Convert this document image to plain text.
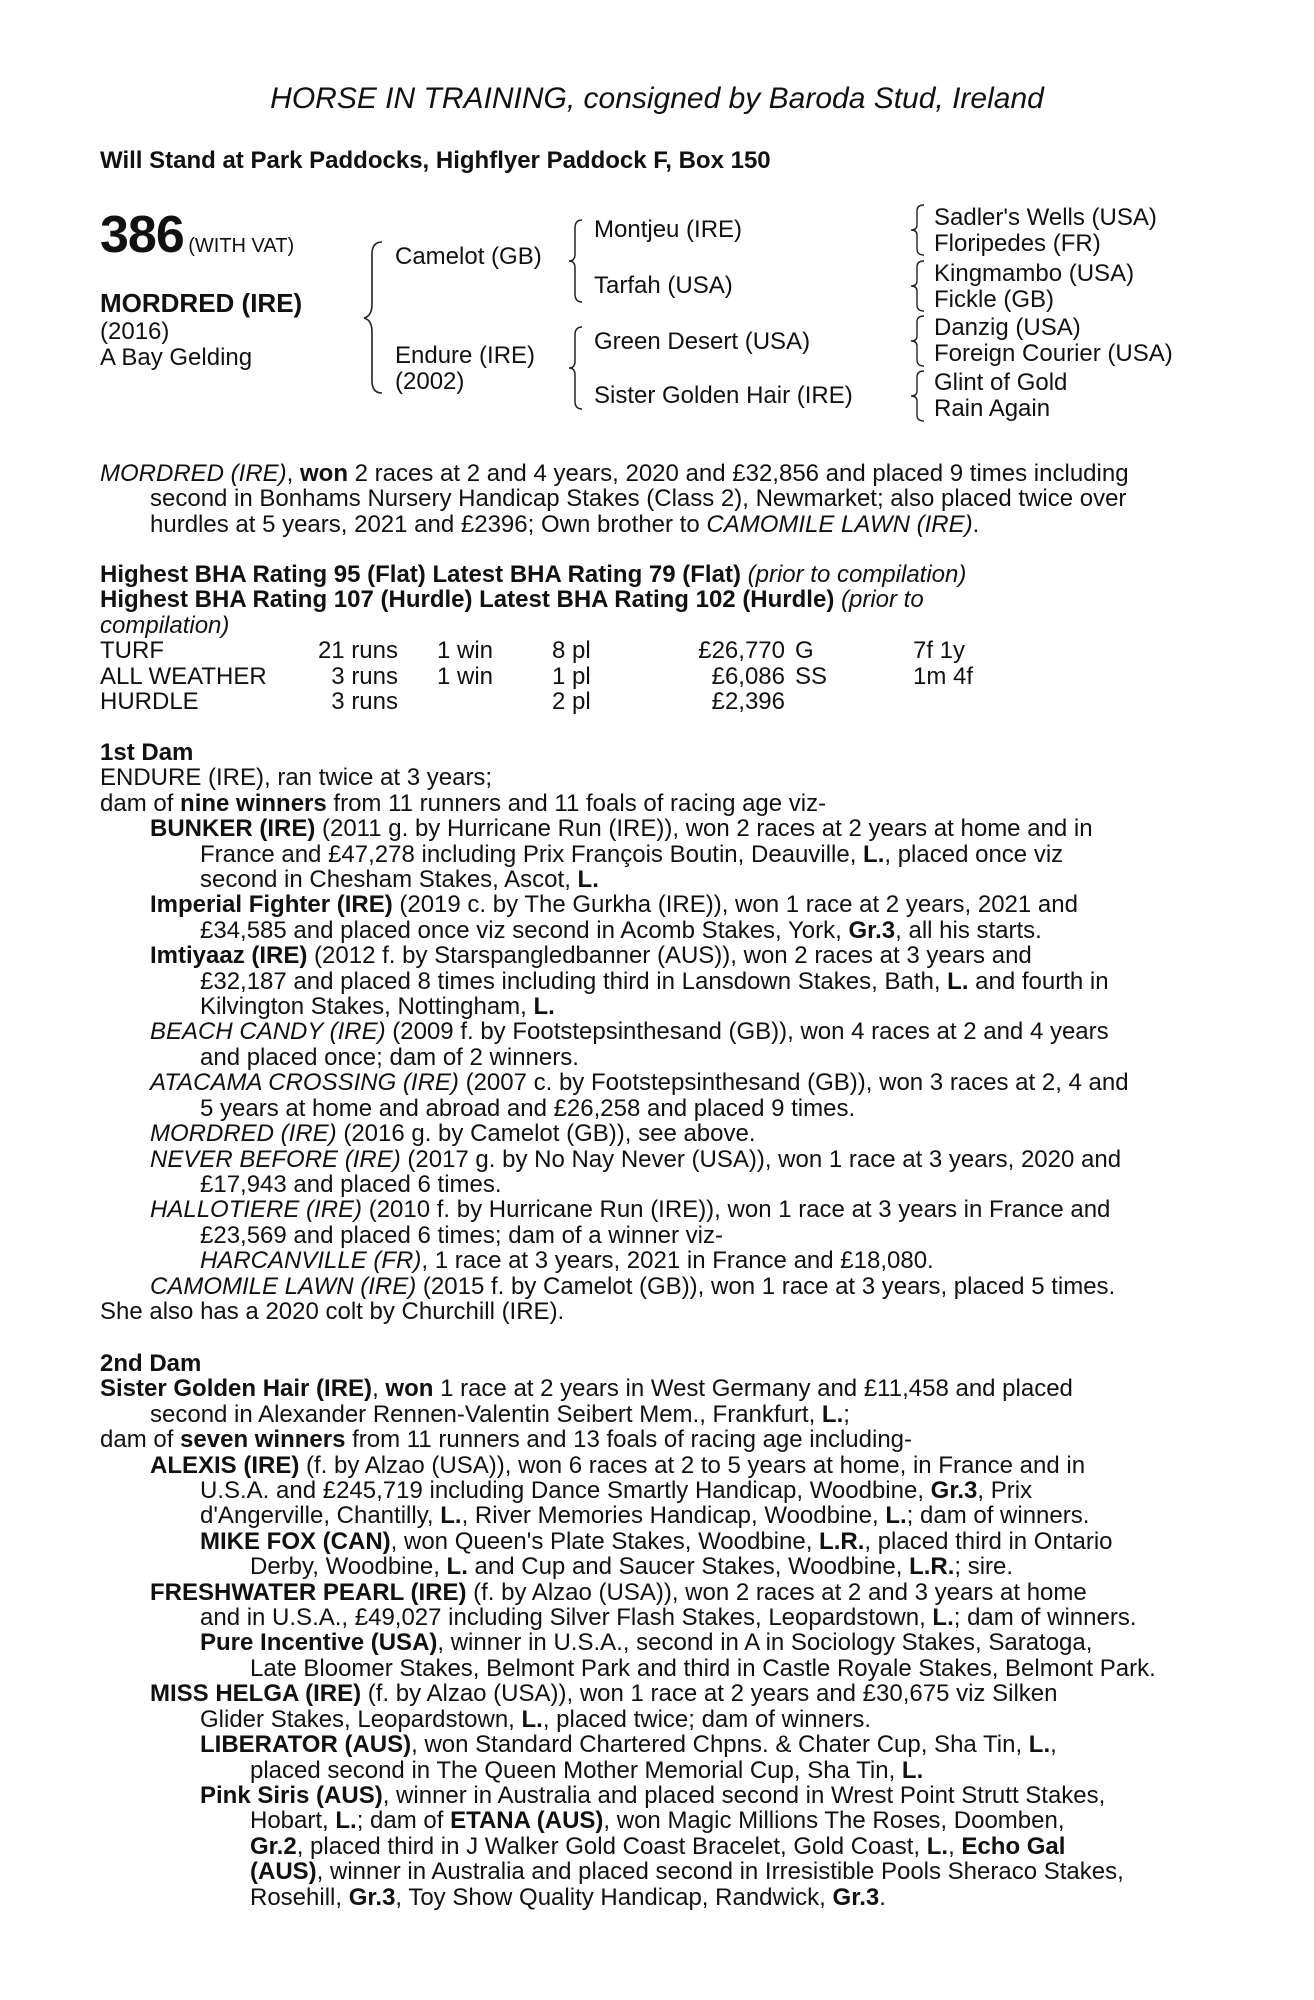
HORSE IN TRAINING, consigned by Baroda Stud, Ireland
Will Stand at Park Paddocks, Highflyer Paddock F, Box 150
386 (WITH VAT)
MORDRED (IRE)
(2016)
A Bay Gelding
Camelot (GB)
Endure (IRE)
(2002)
Montjeu (IRE)
Tarfah (USA)
Green Desert (USA)
Sister Golden Hair (IRE)
Sadler's Wells (USA)
Floripedes (FR)
Kingmambo (USA)
Fickle (GB)
Danzig (USA)
Foreign Courier (USA)
Glint of Gold
Rain Again
MORDRED (IRE), won 2 races at 2 and 4 years, 2020 and £32,856 and placed 9 times including
second in Bonhams Nursery Handicap Stakes (Class 2), Newmarket; also placed twice over
hurdles at 5 years, 2021 and £2396; Own brother to CAMOMILE LAWN (IRE).
Highest BHA Rating 95 (Flat) Latest BHA Rating 79 (Flat) (prior to compilation)
Highest BHA Rating 107 (Hurdle) Latest BHA Rating 102 (Hurdle) (prior to
compilation)
TURF	21 runs 1 win 8 pl	£26,770 G	7f 1y
ALL WEATHER	3 runs 1 win 1 pl	£6,086 SS	1m 4f
HURDLE	3 runs	2 pl	£2,396
1st Dam
ENDURE (IRE), ran twice at 3 years;
dam of nine winners from 11 runners and 11 foals of racing age viz-
BUNKER (IRE) (2011 g. by Hurricane Run (IRE)), won 2 races at 2 years at home and in
France and £47,278 including Prix François Boutin, Deauville, L., placed once viz
second in Chesham Stakes, Ascot, L.
Imperial Fighter (IRE) (2019 c. by The Gurkha (IRE)), won 1 race at 2 years, 2021 and
£34,585 and placed once viz second in Acomb Stakes, York, Gr.3, all his starts.
Imtiyaaz (IRE) (2012 f. by Starspangledbanner (AUS)), won 2 races at 3 years and
£32,187 and placed 8 times including third in Lansdown Stakes, Bath, L. and fourth in
Kilvington Stakes, Nottingham, L.
BEACH CANDY (IRE) (2009 f. by Footstepsinthesand (GB)), won 4 races at 2 and 4 years
and placed once; dam of 2 winners.
ATACAMA CROSSING (IRE) (2007 c. by Footstepsinthesand (GB)), won 3 races at 2, 4 and
5 years at home and abroad and £26,258 and placed 9 times.
MORDRED (IRE) (2016 g. by Camelot (GB)), see above.
NEVER BEFORE (IRE) (2017 g. by No Nay Never (USA)), won 1 race at 3 years, 2020 and
£17,943 and placed 6 times.
HALLOTIERE (IRE) (2010 f. by Hurricane Run (IRE)), won 1 race at 3 years in France and
£23,569 and placed 6 times; dam of a winner viz-
HARCANVILLE (FR), 1 race at 3 years, 2021 in France and £18,080.
CAMOMILE LAWN (IRE) (2015 f. by Camelot (GB)), won 1 race at 3 years, placed 5 times.
She also has a 2020 colt by Churchill (IRE).
2nd Dam
Sister Golden Hair (IRE), won 1 race at 2 years in West Germany and £11,458 and placed
second in Alexander Rennen-Valentin Seibert Mem., Frankfurt, L.;
dam of seven winners from 11 runners and 13 foals of racing age including-
ALEXIS (IRE) (f. by Alzao (USA)), won 6 races at 2 to 5 years at home, in France and in
U.S.A. and £245,719 including Dance Smartly Handicap, Woodbine, Gr.3, Prix
d'Angerville, Chantilly, L., River Memories Handicap, Woodbine, L.; dam of winners.
MIKE FOX (CAN), won Queen's Plate Stakes, Woodbine, L.R., placed third in Ontario
Derby, Woodbine, L. and Cup and Saucer Stakes, Woodbine, L.R.; sire.
FRESHWATER PEARL (IRE) (f. by Alzao (USA)), won 2 races at 2 and 3 years at home
and in U.S.A., £49,027 including Silver Flash Stakes, Leopardstown, L.; dam of winners.
Pure Incentive (USA), winner in U.S.A., second in A in Sociology Stakes, Saratoga,
Late Bloomer Stakes, Belmont Park and third in Castle Royale Stakes, Belmont Park.
MISS HELGA (IRE) (f. by Alzao (USA)), won 1 race at 2 years and £30,675 viz Silken
Glider Stakes, Leopardstown, L., placed twice; dam of winners.
LIBERATOR (AUS), won Standard Chartered Chpns. & Chater Cup, Sha Tin, L.,
placed second in The Queen Mother Memorial Cup, Sha Tin, L.
Pink Siris (AUS), winner in Australia and placed second in Wrest Point Strutt Stakes,
Hobart, L.; dam of ETANA (AUS), won Magic Millions The Roses, Doomben,
Gr.2, placed third in J Walker Gold Coast Bracelet, Gold Coast, L., Echo Gal
(AUS), winner in Australia and placed second in Irresistible Pools Sheraco Stakes,
Rosehill, Gr.3, Toy Show Quality Handicap, Randwick, Gr.3.
